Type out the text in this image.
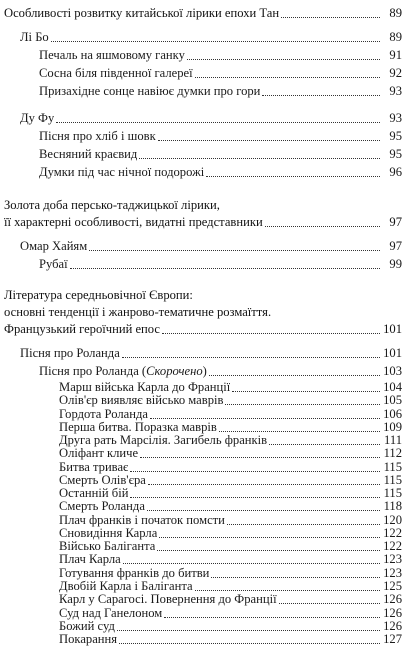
Особливості розвитку китайської лірики епохи Тан	89
Лі Бо	89
Печаль на яшмовому ганку	91
Сосна біля південної галереї	92
Призахідне сонце навіює думки про гори	93
Ду Фу	93
Пісня про хліб і шовк	95
Весняний краєвид	95
Думки під час нічної подорожі	96
Золота доба персько-таджицької лірики,
її характерні особливості, видатні представники	97
Омар Хайям	97
Рубаї	99
Література середньовічної Європи:
основні тенденції і жанрово-тематичне розмаїття.
Французький героїчний епос	101
Пісня про Роланда	101
Пісня про Роланда (Скорочено)	103
Марш війська Карла до Франції	104
Олів'єр виявляє військо маврів	105
Гордота Роланда	106
Перша битва. Поразка маврів	109
Друга рать Марсілія. Загибель франків	111
Оліфант кличе	112
Битва триває	115
Смерть Олів'єра	115
Останній бій	115
Смерть Роланда	118
Плач франків і початок помсти	120
Сновидіння Карла	122
Військо Балiганта	122
Плач Карла	123
Готування франків до битви	123
Двобій Карла і Балiганта	125
Карл у Сарагосі. Повернення до Франції	126
Суд над Ганелоном	126
Божий суд	126
Покарання	127
